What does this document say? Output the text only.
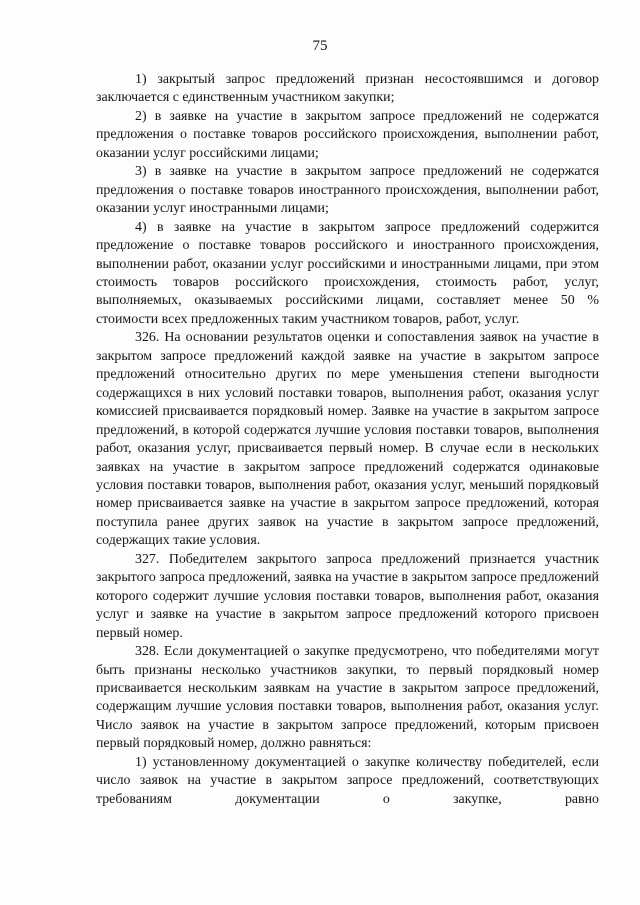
75

1) закрытый запрос предложений признан несостоявшимся и договор заключается с единственным участником закупки;

2) в заявке на участие в закрытом запросе предложений не содержатся предложения о поставке товаров российского происхождения, выполнении работ, оказании услуг российскими лицами;

3) в заявке на участие в закрытом запросе предложений не содержатся предложения о поставке товаров иностранного происхождения, выполнении работ, оказании услуг иностранными лицами;

4) в заявке на участие в закрытом запросе предложений содержится предложение о поставке товаров российского и иностранного происхождения, выполнении работ, оказании услуг российскими и иностранными лицами, при этом стоимость товаров российского происхождения, стоимость работ, услуг, выполняемых, оказываемых российскими лицами, составляет менее 50 % стоимости всех предложенных таким участником товаров, работ, услуг.

326. На основании результатов оценки и сопоставления заявок на участие в закрытом запросе предложений каждой заявке на участие в закрытом запросе предложений относительно других по мере уменьшения степени выгодности содержащихся в них условий поставки товаров, выполнения работ, оказания услуг комиссией присваивается порядковый номер. Заявке на участие в закрытом запросе предложений, в которой содержатся лучшие условия поставки товаров, выполнения работ, оказания услуг, присваивается первый номер. В случае если в нескольких заявках на участие в закрытом запросе предложений содержатся одинаковые условия поставки товаров, выполнения работ, оказания услуг, меньший порядковый номер присваивается заявке на участие в закрытом запросе предложений, которая поступила ранее других заявок на участие в закрытом запросе предложений, содержащих такие условия.

327. Победителем закрытого запроса предложений признается участник закрытого запроса предложений, заявка на участие в закрытом запросе предложений которого содержит лучшие условия поставки товаров, выполнения работ, оказания услуг и заявке на участие в закрытом запросе предложений которого присвоен первый номер.

328. Если документацией о закупке предусмотрено, что победителями могут быть признаны несколько участников закупки, то первый порядковый номер присваивается нескольким заявкам на участие в закрытом запросе предложений, содержащим лучшие условия поставки товаров, выполнения работ, оказания услуг. Число заявок на участие в закрытом запросе предложений, которым присвоен первый порядковый номер, должно равняться:

1) установленному документацией о закупке количеству победителей, если число заявок на участие в закрытом запросе предложений, соответствующих требованиям документации о закупке, равно
